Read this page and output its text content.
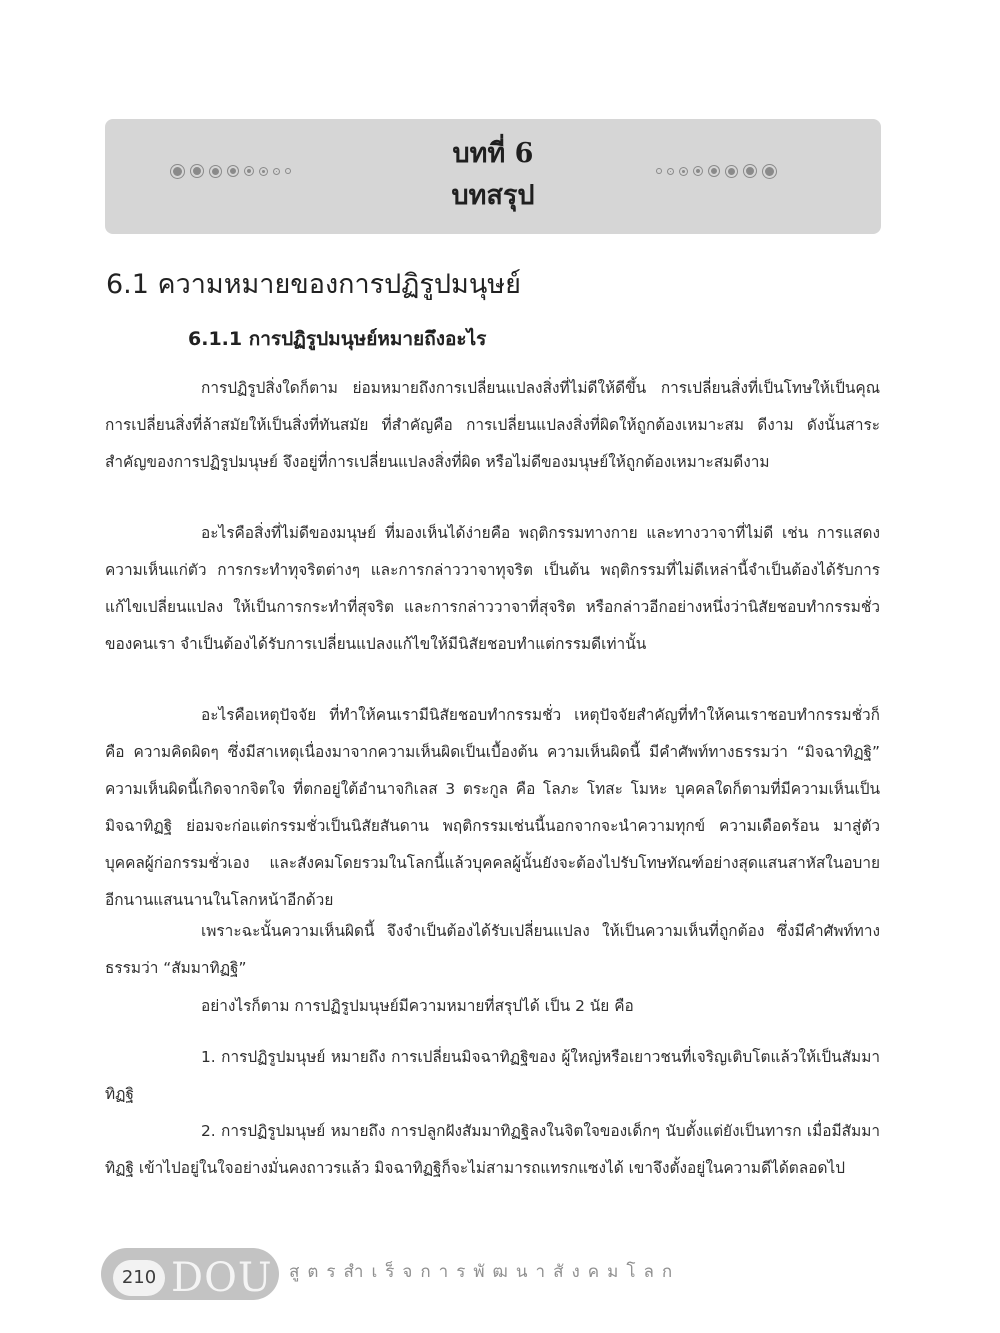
บทที่ 6
บทสรุป
6.1 ความหมายของการปฏิรูปมนุษย์
6.1.1 การปฏิรูปมนุษย์หมายถึงอะไร

การปฏิรูปสิ่งใดก็ตาม ย่อมหมายถึงการเปลี่ยนแปลงสิ่งที่ไม่ดีให้ดีขึ้น การเปลี่ยนสิ่งที่เป็นโทษให้เป็นคุณ การเปลี่ยนสิ่งที่ล้าสมัยให้เป็นสิ่งที่ทันสมัย ที่สำคัญคือ การเปลี่ยนแปลงสิ่งที่ผิดให้ถูกต้องเหมาะสม ดีงาม ดังนั้นสาระสำคัญของการปฏิรูปมนุษย์ จึงอยู่ที่การเปลี่ยนแปลงสิ่งที่ผิด หรือไม่ดีของมนุษย์ให้ถูกต้องเหมาะสมดีงาม

อะไรคือสิ่งที่ไม่ดีของมนุษย์ ที่มองเห็นได้ง่ายคือ พฤติกรรมทางกาย และทางวาจาที่ไม่ดี เช่น การแสดงความเห็นแก่ตัว การกระทำทุจริตต่างๆ และการกล่าววาจาทุจริต เป็นต้น พฤติกรรมที่ไม่ดีเหล่านี้จำเป็นต้องได้รับการแก้ไขเปลี่ยนแปลง ให้เป็นการกระทำที่สุจริต และการกล่าววาจาที่สุจริต หรือกล่าวอีกอย่างหนึ่งว่านิสัยชอบทำกรรมชั่วของคนเรา จำเป็นต้องได้รับการเปลี่ยนแปลงแก้ไขให้มีนิสัยชอบทำแต่กรรมดีเท่านั้น

อะไรคือเหตุปัจจัย ที่ทำให้คนเรามีนิสัยชอบทำกรรมชั่ว เหตุปัจจัยสำคัญที่ทำให้คนเราชอบทำกรรมชั่วก็คือ ความคิดผิดๆ ซึ่งมีสาเหตุเนื่องมาจากความเห็นผิดเป็นเบื้องต้น ความเห็นผิดนี้ มีคำศัพท์ทางธรรมว่า “มิจฉาทิฏฐิ” ความเห็นผิดนี้เกิดจากจิตใจ ที่ตกอยู่ใต้อำนาจกิเลส 3 ตระกูล คือ โลภะ โทสะ โมหะ บุคคลใดก็ตามที่มีความเห็นเป็นมิจฉาทิฏฐิ ย่อมจะก่อแต่กรรมชั่วเป็นนิสัยสันดาน พฤติกรรมเช่นนี้นอกจากจะนำความทุกข์ ความเดือดร้อน มาสู่ตัวบุคคลผู้ก่อกรรมชั่วเอง และสังคมโดยรวมในโลกนี้แล้วบุคคลผู้นั้นยังจะต้องไปรับโทษทัณฑ์อย่างสุดแสนสาหัสในอบายอีกนานแสนนานในโลกหน้าอีกด้วย

เพราะฉะนั้นความเห็นผิดนี้ จึงจำเป็นต้องได้รับเปลี่ยนแปลง ให้เป็นความเห็นที่ถูกต้อง ซึ่งมีคำศัพท์ทางธรรมว่า “สัมมาทิฏฐิ”

อย่างไรก็ตาม การปฏิรูปมนุษย์มีความหมายที่สรุปได้ เป็น 2 นัย คือ

1. การปฏิรูปมนุษย์ หมายถึง การเปลี่ยนมิจฉาทิฏฐิของ ผู้ใหญ่หรือเยาวชนที่เจริญเติบโตแล้วให้เป็นสัมมาทิฏฐิ

2. การปฏิรูปมนุษย์ หมายถึง การปลูกฝังสัมมาทิฏฐิลงในจิตใจของเด็กๆ นับตั้งแต่ยังเป็นทารก เมื่อมีสัมมาทิฏฐิ เข้าไปอยู่ในใจอย่างมั่นคงถาวรแล้ว มิจฉาทิฏฐิก็จะไม่สามารถแทรกแซงได้ เขาจึงตั้งอยู่ในความดีได้ตลอดไป

210 DOU สูตรสำเร็จการพัฒนาสังคมโลก
